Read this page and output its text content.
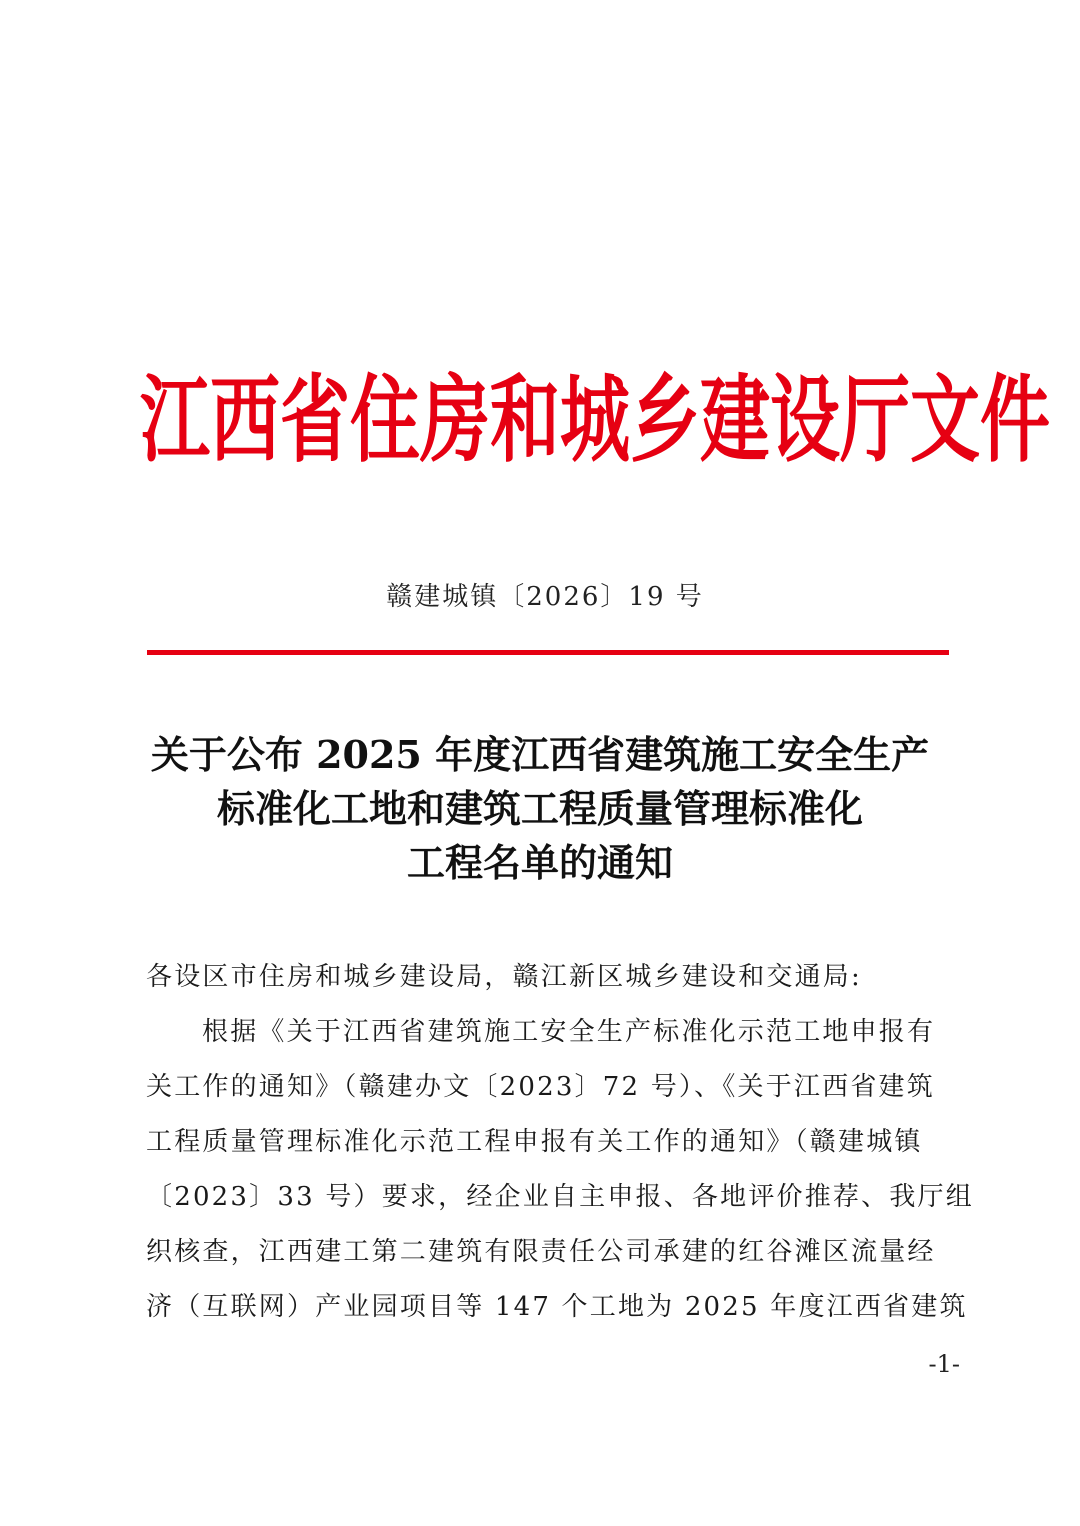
江西省住房和城乡建设厅文件
赣建城镇〔2026〕19 号
关于公布 2025 年度江西省建筑施工安全生产
标准化工地和建筑工程质量管理标准化
工程名单的通知
各设区市住房和城乡建设局，赣江新区城乡建设和交通局:
根据《关于江西省建筑施工安全生产标准化示范工地申报有
关工作的通知》（赣建办文〔2023〕72 号）、《关于江西省建筑
工程质量管理标准化示范工程申报有关工作的通知》（赣建城镇
〔2023〕33 号）要求，经企业自主申报、各地评价推荐、我厅组
织核查，江西建工第二建筑有限责任公司承建的红谷滩区流量经
济（互联网）产业园项目等 147 个工地为 2025 年度江西省建筑
-1-
